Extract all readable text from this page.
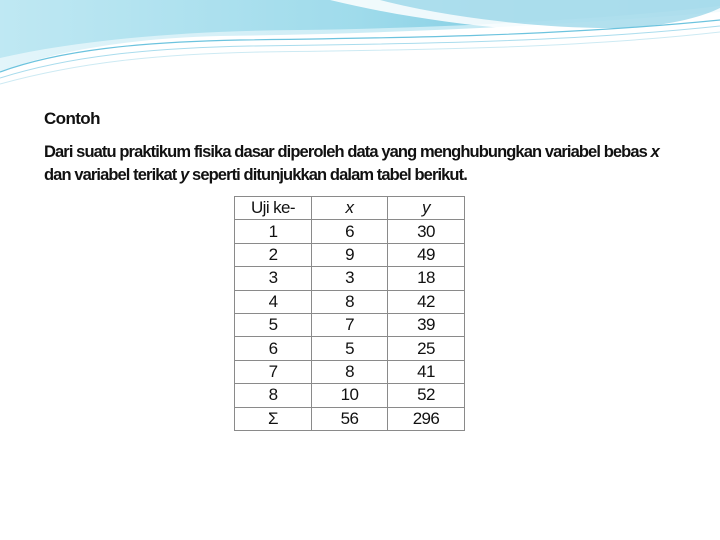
Contoh

Dari suatu praktikum fisika dasar diperoleh data yang menghubungkan variabel bebas x dan variabel terikat y seperti ditunjukkan dalam tabel berikut.

Uji ke-	x	y
1	6	30
2	9	49
3	3	18
4	8	42
5	7	39
6	5	25
7	8	41
8	10	52
Σ	56	296
